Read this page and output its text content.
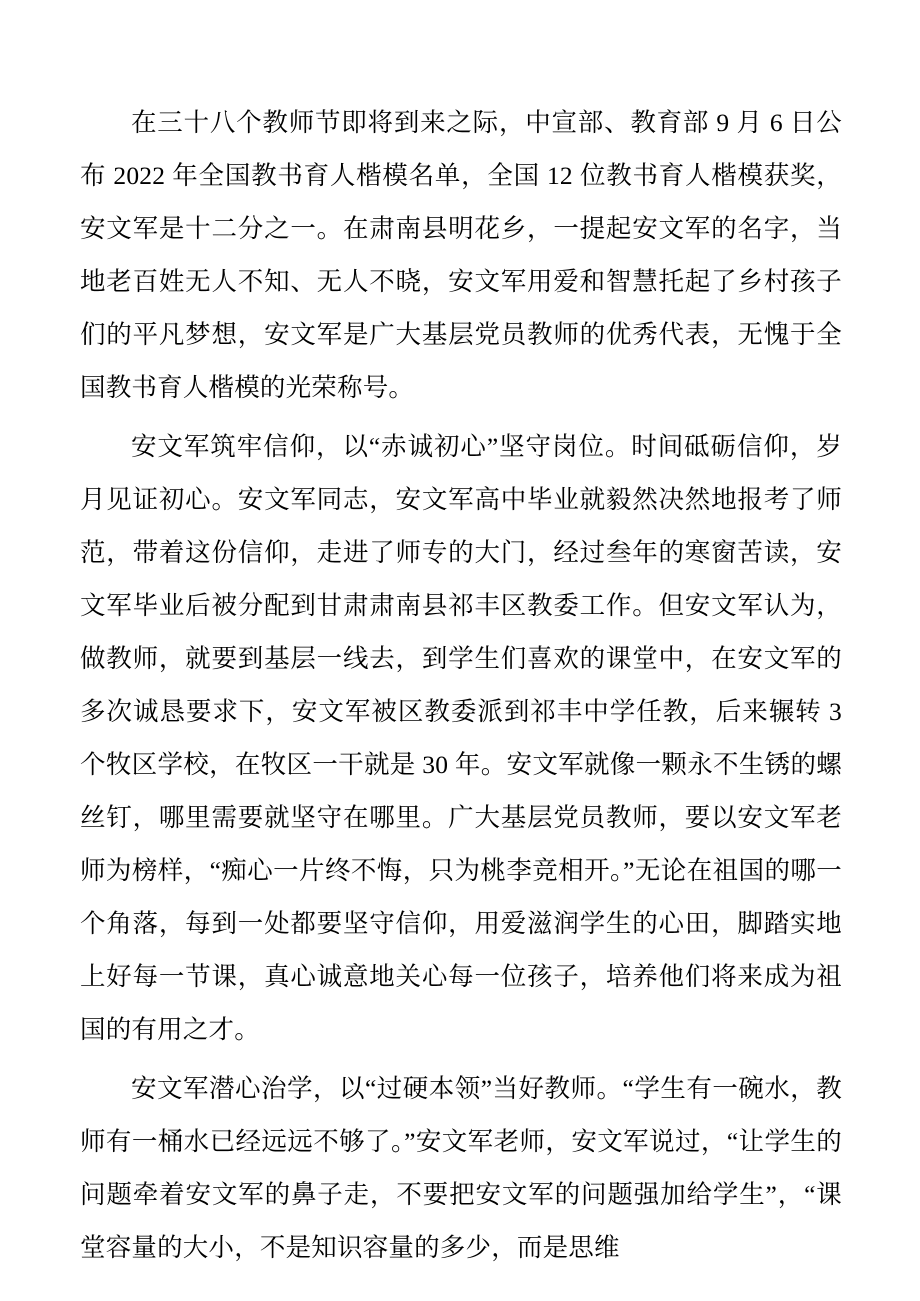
在三十八个教师节即将到来之际，中宣部、教育部 9 月 6 日公布 2022 年全国教书育人楷模名单，全国 12 位教书育人楷模获奖，安文军是十二分之一。在肃南县明花乡，一提起安文军的名字，当地老百姓无人不知、无人不晓，安文军用爱和智慧托起了乡村孩子们的平凡梦想，安文军是广大基层党员教师的优秀代表，无愧于全国教书育人楷模的光荣称号。

安文军筑牢信仰，以“赤诚初心”坚守岗位。时间砥砺信仰，岁月见证初心。安文军同志，安文军高中毕业就毅然决然地报考了师范，带着这份信仰，走进了师专的大门，经过叁年的寒窗苦读，安文军毕业后被分配到甘肃肃南县祁丰区教委工作。但安文军认为，做教师，就要到基层一线去，到学生们喜欢的课堂中，在安文军的多次诚恳要求下，安文军被区教委派到祁丰中学任教，后来辗转 3 个牧区学校，在牧区一干就是 30 年。安文军就像一颗永不生锈的螺丝钉，哪里需要就坚守在哪里。广大基层党员教师，要以安文军老师为榜样，“痴心一片终不悔，只为桃李竞相开。”无论在祖国的哪一个角落，每到一处都要坚守信仰，用爱滋润学生的心田，脚踏实地上好每一节课，真心诚意地关心每一位孩子，培养他们将来成为祖国的有用之才。

安文军潜心治学，以“过硬本领”当好教师。“学生有一碗水，教师有一桶水已经远远不够了。”安文军老师，安文军说过，“让学生的问题牵着安文军的鼻子走，不要把安文军的问题强加给学生”，“课堂容量的大小，不是知识容量的多少，而是思维
